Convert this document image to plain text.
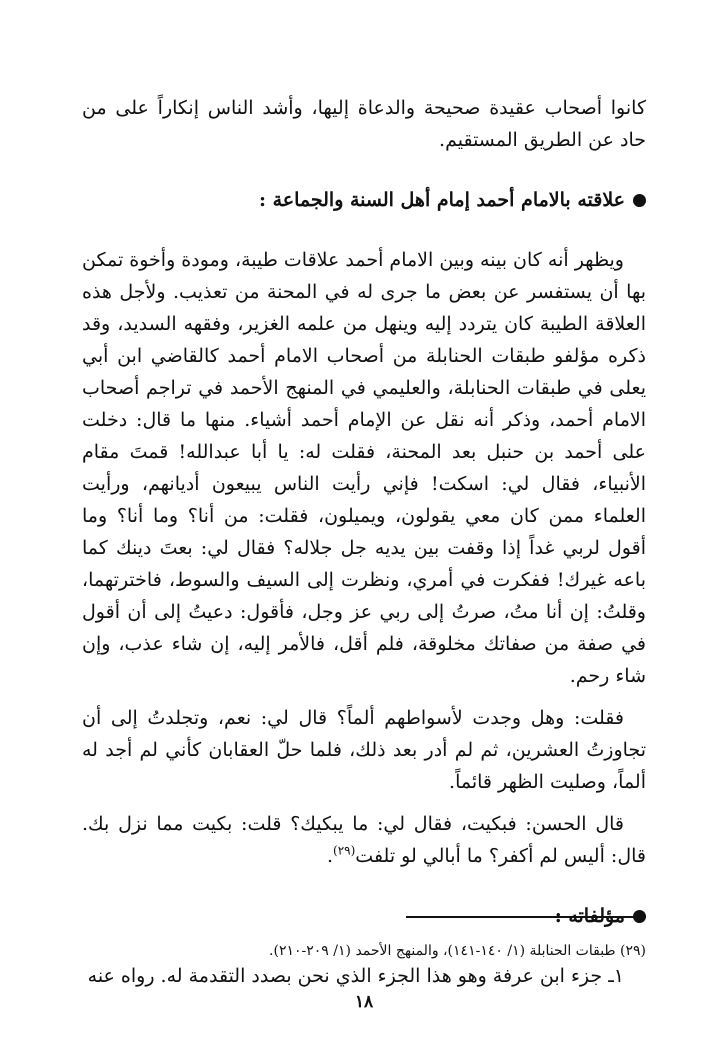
كانوا أصحاب عقيدة صحيحة والدعاة إليها، وأشد الناس إنكاراً على من حاد عن الطريق المستقيم.

علاقته بالامام أحمد إمام أهل السنة والجماعة :

ويظهر أنه كان بينه وبين الامام أحمد علاقات طيبة، ومودة وأخوة تمكن بها أن يستفسر عن بعض ما جرى له في المحنة من تعذيب. ولأجل هذه العلاقة الطيبة كان يتردد إليه وينهل من علمه الغزير، وفقهه السديد، وقد ذكره مؤلفو طبقات الحنابلة من أصحاب الامام أحمد كالقاضي ابن أبي يعلى في طبقات الحنابلة، والعليمي في المنهج الأحمد في تراجم أصحاب الامام أحمد، وذكر أنه نقل عن الإمام أحمد أشياء. منها ما قال: دخلت على أحمد بن حنبل بعد المحنة، فقلت له: يا أبا عبدالله! قمتَ مقام الأنبياء، فقال لي: اسكت! فإني رأيت الناس يبيعون أديانهم، ورأيت العلماء ممن كان معي يقولون، ويميلون، فقلت: من أنا؟ وما أنا؟ وما أقول لربي غداً إذا وقفت بين يديه جل جلاله؟ فقال لي: بعتَ دينك كما باعه غيرك! ففكرت في أمري، ونظرت إلى السيف والسوط، فاخترتهما، وقلتُ: إن أنا متُ، صرتُ إلى ربي عز وجل، فأقول: دعيتُ إلى أن أقول في صفة من صفاتك مخلوقة، فلم أقل، فالأمر إليه، إن شاء عذب، وإن شاء رحم.

فقلت: وهل وجدت لأسواطهم ألماً؟ قال لي: نعم، وتجلدتُ إلى أن تجاوزتُ العشرين، ثم لم أدر بعد ذلك، فلما حلّ العقابان كأني لم أجد له ألماً، وصليت الظهر قائماً.

قال الحسن: فبكيت، فقال لي: ما يبكيك؟ قلت: بكيت مما نزل بك. قال: أليس لم أكفر؟ ما أبالي لو تلفت$^{(٢٩)}$.

مؤلفاته :

١ـ جزء ابن عرفة وهو هذا الجزء الذي نحن بصدد التقدمة له. رواه عنه

(٢٩) طبقات الحنابلة (١/ ١٤٠-١٤١)، والمنهج الأحمد (١/ ٢٠٩-٢١٠).
١٨
